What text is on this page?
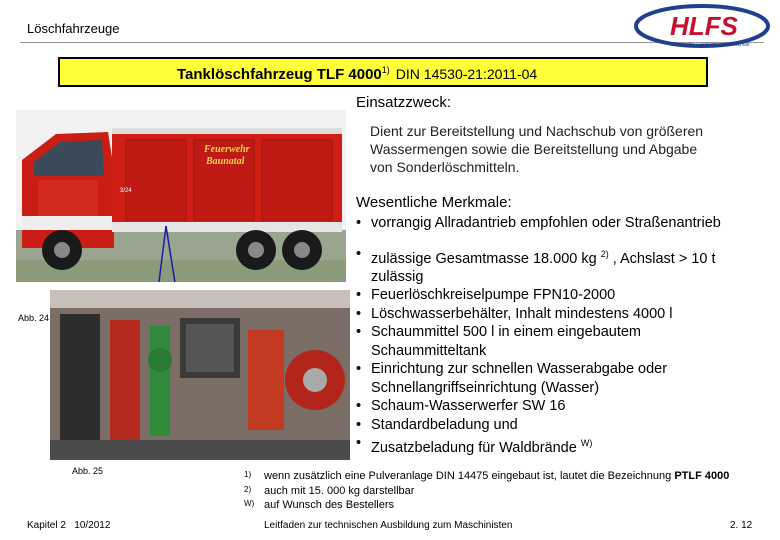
Löschfahrzeuge	HLFS
Hessische Landesfeuerwehrschule
Tanklöschfahrzeug TLF 4000$^{1)}$ DIN 14530-21:2011-04
Feuerwehr
Baunatal
3/24
Abb. 24
Abb. 25
Einsatzzweck:
Dient zur Bereitstellung und Nachschub von größeren
Wassermengen sowie die Bereitstellung und Abgabe
von Sonderlöschmitteln.
Wesentliche Merkmale:
• vorrangig Allradantrieb empfohlen oder Straßenantrieb
• zulässige Gesamtmasse 18.000 kg $^{2)}$ , Achslast > 10 t
zulässig
• Feuerlöschkreiselpumpe FPN10-2000
• Löschwasserbehälter, Inhalt mindestens 4000 l
• Schaummittel 500 l in einem eingebautem
Schaummitteltank
• Einrichtung zur schnellen Wasserabgabe oder
Schnellangriffseinrichtung (Wasser)
• Schaum-Wasserwerfer SW 16
• Standardbeladung und
• Zusatzbeladung für Waldbrände $^{W)}$
1) wenn zusätzlich eine Pulveranlage DIN 14475 eingebaut ist, lautet die Bezeichnung PTLF 4000
2) auch mit 15. 000 kg darstellbar
W) auf Wunsch des Bestellers
Kapitel 2   10/2012	Leitfaden zur technischen Ausbildung zum Maschinisten	2. 12
